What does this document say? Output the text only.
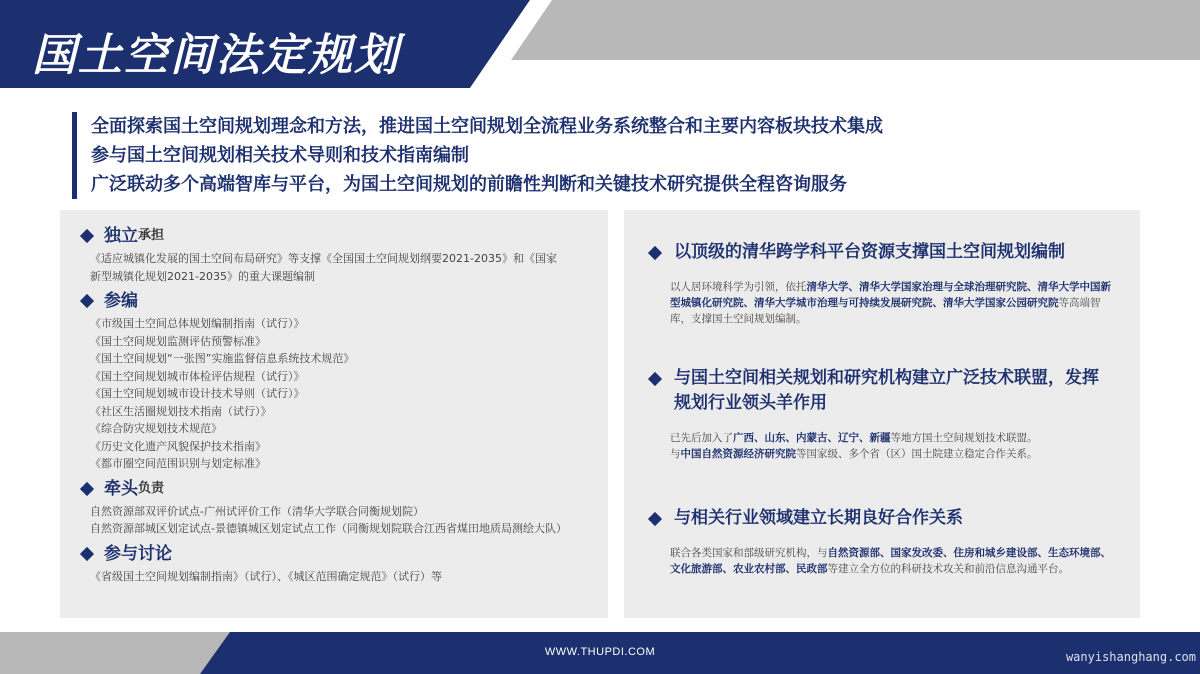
国土空间法定规划
全面探索国土空间规划理念和方法，推进国土空间规划全流程业务系统整合和主要内容板块技术集成
参与国土空间规划相关技术导则和技术指南编制
广泛联动多个高端智库与平台，为国土空间规划的前瞻性判断和关键技术研究提供全程咨询服务
独立 承担
《适应城镇化发展的国土空间布局研究》等支撑《全国国土空间规划纲要2021-2035》和《国家
新型城镇化规划2021-2035》的重大课题编制
参编
《市级国土空间总体规划编制指南（试行）》
《国土空间规划监测评估预警标准》
《国土空间规划“一张图”实施监督信息系统技术规范》
《国土空间规划城市体检评估规程（试行）》
《国土空间规划城市设计技术导则（试行）》
《社区生活圈规划技术指南（试行）》
《综合防灾规划技术规范》
《历史文化遗产风貌保护技术指南》
《都市圈空间范围识别与划定标准》
牵头 负责
自然资源部双评价试点-广州试评价工作（清华大学联合同衡规划院）
自然资源部城区划定试点-景德镇城区划定试点工作（同衡规划院联合江西省煤田地质局测绘大队）
参与讨论
《省级国土空间规划编制指南》（试行）、《城区范围确定规范》（试行）等
以顶级的清华跨学科平台资源支撑国土空间规划编制
以人居环境科学为引领，依托清华大学、清华大学国家治理与全球治理研究院、清华大学中国新型城镇化研究院、清华大学城市治理与可持续发展研究院、清华大学国家公园研究院等高端智库，支撑国土空间规划编制。
与国土空间相关规划和研究机构建立广泛技术联盟，发挥
规划行业领头羊作用
已先后加入了广西、山东、内蒙古、辽宁、新疆等地方国土空间规划技术联盟。
与中国自然资源经济研究院等国家级、多个省（区）国土院建立稳定合作关系。
与相关行业领域建立长期良好合作关系
联合各类国家和部级研究机构，与自然资源部、国家发改委、住房和城乡建设部、生态环境部、文化旅游部、农业农村部、民政部等建立全方位的科研技术攻关和前沿信息沟通平台。
WWW.THUPDI.COM	wanyishanghang.com
